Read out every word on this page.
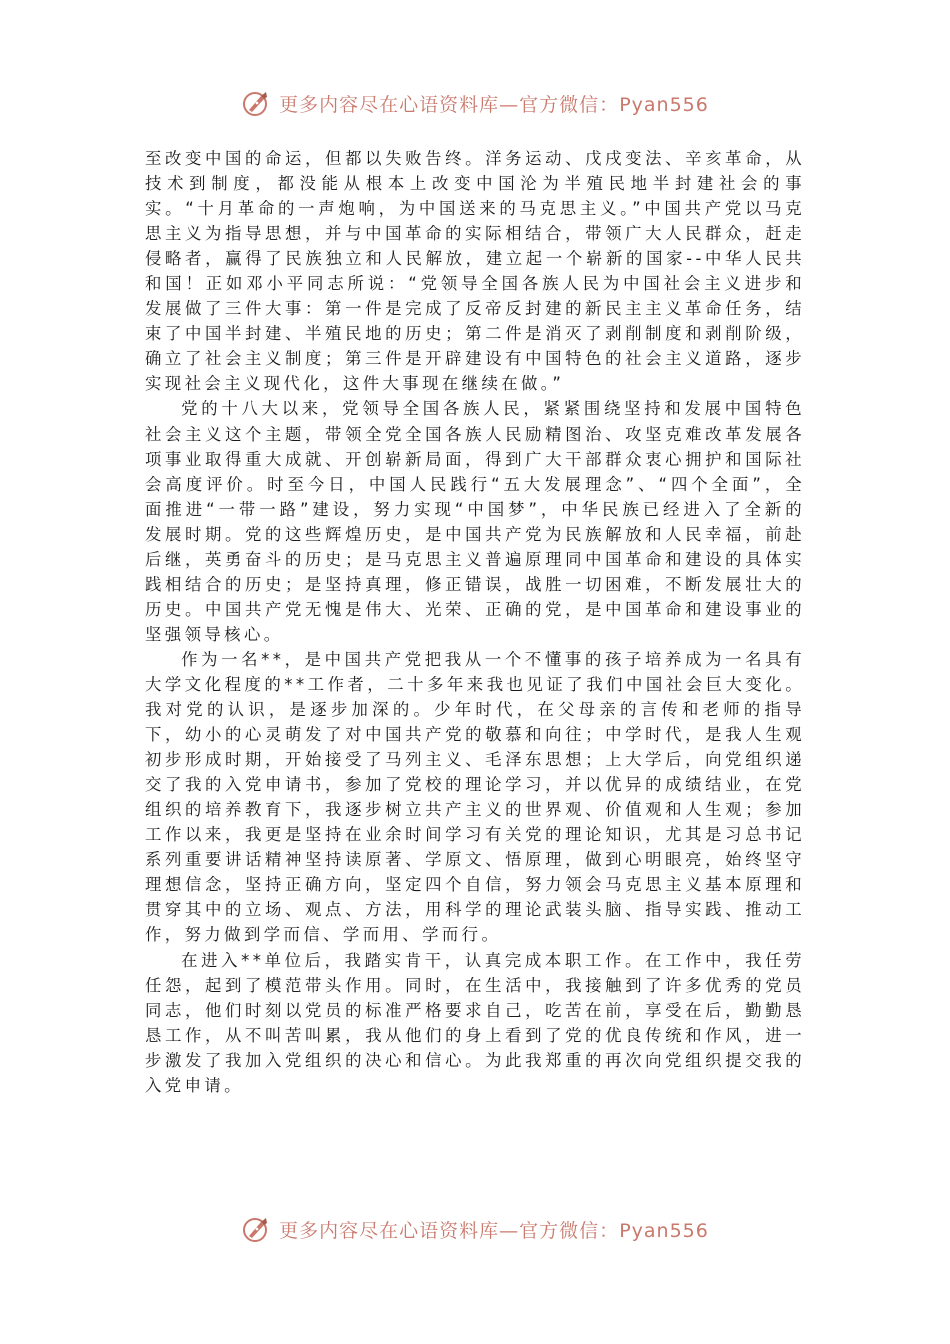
更多内容尽在心语资料库—官方微信：Pyan556

至改变中国的命运，但都以失败告终。洋务运动、戊戌变法、辛亥革命，从技术到制度，都没能从根本上改变中国沦为半殖民地半封建社会的事实。“十月革命的一声炮响，为中国送来的马克思主义。”中国共产党以马克思主义为指导思想，并与中国革命的实际相结合，带领广大人民群众，赶走侵略者，赢得了民族独立和人民解放，建立起一个崭新的国家--中华人民共和国！正如邓小平同志所说：“党领导全国各族人民为中国社会主义进步和发展做了三件大事：第一件是完成了反帝反封建的新民主主义革命任务，结束了中国半封建、半殖民地的历史；第二件是消灭了剥削制度和剥削阶级，确立了社会主义制度；第三件是开辟建设有中国特色的社会主义道路，逐步实现社会主义现代化，这件大事现在继续在做。”

党的十八大以来，党领导全国各族人民，紧紧围绕坚持和发展中国特色社会主义这个主题，带领全党全国各族人民励精图治、攻坚克难改革发展各项事业取得重大成就、开创崭新局面，得到广大干部群众衷心拥护和国际社会高度评价。时至今日，中国人民践行“五大发展理念”、“四个全面”，全面推进“一带一路”建设，努力实现“中国梦”，中华民族已经进入了全新的发展时期。党的这些辉煌历史，是中国共产党为民族解放和人民幸福，前赴后继，英勇奋斗的历史；是马克思主义普遍原理同中国革命和建设的具体实践相结合的历史；是坚持真理，修正错误，战胜一切困难，不断发展壮大的历史。中国共产党无愧是伟大、光荣、正确的党，是中国革命和建设事业的坚强领导核心。

作为一名**，是中国共产党把我从一个不懂事的孩子培养成为一名具有大学文化程度的**工作者，二十多年来我也见证了我们中国社会巨大变化。我对党的认识，是逐步加深的。少年时代，在父母亲的言传和老师的指导下，幼小的心灵萌发了对中国共产党的敬慕和向往；中学时代，是我人生观初步形成时期，开始接受了马列主义、毛泽东思想；上大学后，向党组织递交了我的入党申请书，参加了党校的理论学习，并以优异的成绩结业，在党组织的培养教育下，我逐步树立共产主义的世界观、价值观和人生观；参加工作以来，我更是坚持在业余时间学习有关党的理论知识，尤其是习总书记系列重要讲话精神坚持读原著、学原文、悟原理，做到心明眼亮，始终坚守理想信念，坚持正确方向，坚定四个自信，努力领会马克思主义基本原理和贯穿其中的立场、观点、方法，用科学的理论武装头脑、指导实践、推动工作，努力做到学而信、学而用、学而行。

在进入**单位后，我踏实肯干，认真完成本职工作。在工作中，我任劳任怨，起到了模范带头作用。同时，在生活中，我接触到了许多优秀的党员同志，他们时刻以党员的标准严格要求自己，吃苦在前，享受在后，勤勤恳恳工作，从不叫苦叫累，我从他们的身上看到了党的优良传统和作风，进一步激发了我加入党组织的决心和信心。为此我郑重的再次向党组织提交我的入党申请。

更多内容尽在心语资料库—官方微信：Pyan556
